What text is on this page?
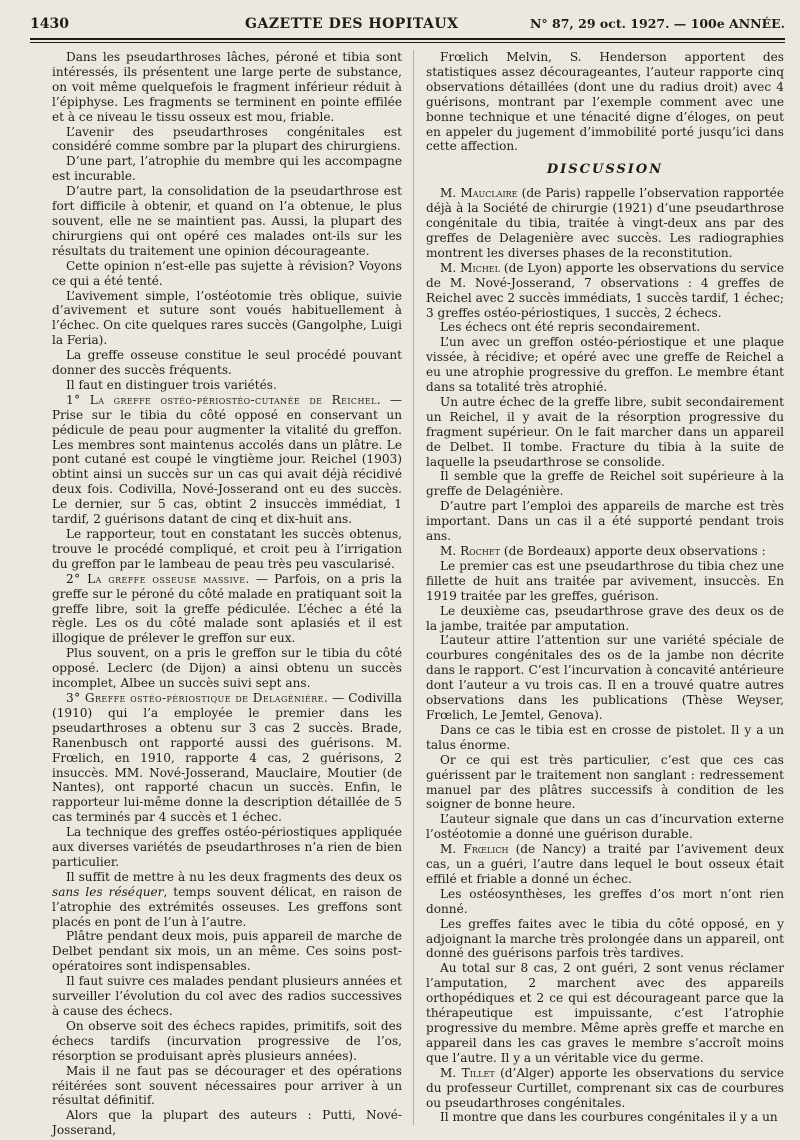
1430	GAZETTE DES HOPITAUX	N° 87, 29 oct. 1927. — 100e ANNÉE.

Dans les pseudarthroses lâches, péroné et tibia sont intéressés, ils présentent une large perte de substance, on voit même quelquefois le fragment inférieur réduit à l’épiphyse. Les fragments se terminent en pointe effilée et à ce niveau le tissu osseux est mou, friable.

L’avenir des pseudarthroses congénitales est considéré comme sombre par la plupart des chirurgiens.

D’une part, l’atrophie du membre qui les accompagne est incurable.

D’autre part, la consolidation de la pseudarthrose est fort difficile à obtenir, et quand on l’a obtenue, le plus souvent, elle ne se maintient pas. Aussi, la plupart des chirurgiens qui ont opéré ces malades ont-ils sur les résultats du traitement une opinion décourageante.

Cette opinion n’est-elle pas sujette à révision? Voyons ce qui a été tenté.

L’avivement simple, l’ostéotomie très oblique, suivie d’avivement et suture sont voués habituellement à l’échec. On cite quelques rares succès (Gangolphe, Luigi la Feria).

La greffe osseuse constitue le seul procédé pouvant donner des succès fréquents.

Il faut en distinguer trois variétés.

1° La greffe ostéo-périostéo-cutanée de Reichel. — Prise sur le tibia du côté opposé en conservant un pédicule de peau pour augmenter la vitalité du greffon. Les membres sont maintenus accolés dans un plâtre. Le pont cutané est coupé le vingtième jour. Reichel (1903) obtint ainsi un succès sur un cas qui avait déjà récidivé deux fois. Codivilla, Nové-Josserand ont eu des succès. Le dernier, sur 5 cas, obtint 2 insuccès immédiat, 1 tardif, 2 guérisons datant de cinq et dix-huit ans.

Le rapporteur, tout en constatant les succès obtenus, trouve le procédé compliqué, et croit peu à l’irrigation du greffon par le lambeau de peau très peu vascularisé.

2° La greffe osseuse massive. — Parfois, on a pris la greffe sur le péroné du côté malade en pratiquant soit la greffe libre, soit la greffe pédiculée. L’échec a été la règle. Les os du côté malade sont aplasiés et il est illogique de prélever le greffon sur eux.

Plus souvent, on a pris le greffon sur le tibia du côté opposé. Leclerc (de Dijon) a ainsi obtenu un succès incomplet, Albee un succès suivi sept ans.

3° Greffe ostéo-périostique de Delagénière. — Codivilla (1910) qui l’a employée le premier dans les pseudarthroses a obtenu sur 3 cas 2 succès. Brade, Ranenbusch ont rapporté aussi des guérisons. M. Frœlich, en 1910, rapporte 4 cas, 2 guérisons, 2 insuccès. MM. Nové-Josserand, Mauclaire, Moutier (de Nantes), ont rapporté chacun un succès. Enfin, le rapporteur lui-même donne la description détaillée de 5 cas terminés par 4 succès et 1 échec.

La technique des greffes ostéo-périostiques appliquée aux diverses variétés de pseudarthroses n’a rien de bien particulier.

Il suffit de mettre à nu les deux fragments des deux os sans les réséquer, temps souvent délicat, en raison de l’atrophie des extrémités osseuses. Les greffons sont placés en pont de l’un à l’autre.

Plâtre pendant deux mois, puis appareil de marche de Delbet pendant six mois, un an même. Ces soins post-opératoires sont indispensables.

Il faut suivre ces malades pendant plusieurs années et surveiller l’évolution du col avec des radios successives à cause des échecs.

On observe soit des échecs rapides, primitifs, soit des échecs tardifs (incurvation progressive de l’os, résorption se produisant après plusieurs années).

Mais il ne faut pas se décourager et des opérations réitérées sont souvent nécessaires pour arriver à un résultat définitif.

Alors que la plupart des auteurs : Putti, Nové-Josserand,

Frœlich Melvin, S. Henderson apportent des statistiques assez décourageantes, l’auteur rapporte cinq observations détaillées (dont une du radius droit) avec 4 guérisons, montrant par l’exemple comment avec une bonne technique et une ténacité digne d’éloges, on peut en appeler du jugement d’immobilité porté jusqu’ici dans cette affection.

DISCUSSION

M. Mauclaire (de Paris) rappelle l’observation rapportée déjà à la Société de chirurgie (1921) d’une pseudarthrose congénitale du tibia, traitée à vingt-deux ans par des greffes de Delagenière avec succès. Les radiographies montrent les diverses phases de la reconstitution.

M. Michel (de Lyon) apporte les observations du service de M. Nové-Josserand, 7 observations : 4 greffes de Reichel avec 2 succès immédiats, 1 succès tardif, 1 échec; 3 greffes ostéo-périostiques, 1 succès, 2 échecs.

Les échecs ont été repris secondairement.

L’un avec un greffon ostéo-périostique et une plaque vissée, à récidive; et opéré avec une greffe de Reichel a eu une atrophie progressive du greffon. Le membre étant dans sa totalité très atrophié.

Un autre échec de la greffe libre, subit secondairement un Reichel, il y avait de la résorption progressive du fragment supérieur. On le fait marcher dans un appareil de Delbet. Il tombe. Fracture du tibia à la suite de laquelle la pseudarthrose se consolide.

Il semble que la greffe de Reichel soit supérieure à la greffe de Delagénière.

D’autre part l’emploi des appareils de marche est très important. Dans un cas il a été supporté pendant trois ans.

M. Rochet (de Bordeaux) apporte deux observations :

Le premier cas est une pseudarthrose du tibia chez une fillette de huit ans traitée par avivement, insuccès. En 1919 traitée par les greffes, guérison.

Le deuxième cas, pseudarthrose grave des deux os de la jambe, traitée par amputation.

L’auteur attire l’attention sur une variété spéciale de courbures congénitales des os de la jambe non décrite dans le rapport. C’est l’incurvation à concavité antérieure dont l’auteur a vu trois cas. Il en a trouvé quatre autres observations dans les publications (Thèse Weyser, Frœlich, Le Jemtel, Genova).

Dans ce cas le tibia est en crosse de pistolet. Il y a un talus énorme.

Or ce qui est très particulier, c’est que ces cas guérissent par le traitement non sanglant : redressement manuel par des plâtres successifs à condition de les soigner de bonne heure.

L’auteur signale que dans un cas d’incurvation externe l’ostéotomie a donné une guérison durable.

M. Frœlich (de Nancy) a traité par l’avivement deux cas, un a guéri, l’autre dans lequel le bout osseux était effilé et friable a donné un échec.

Les ostéosynthèses, les greffes d’os mort n’ont rien donné.

Les greffes faites avec le tibia du côté opposé, en y adjoignant la marche très prolongée dans un appareil, ont donné des guérisons parfois très tardives.

Au total sur 8 cas, 2 ont guéri, 2 sont venus réclamer l’amputation, 2 marchent avec des appareils orthopédiques et 2 ce qui est décourageant parce que la thérapeutique est impuissante, c’est l’atrophie progressive du membre. Même après greffe et marche en appareil dans les cas graves le membre s’accroît moins que l’autre. Il y a un véritable vice du germe.

M. Tillet (d’Alger) apporte les observations du service du professeur Curtillet, comprenant six cas de courbures ou pseudarthroses congénitales.

Il montre que dans les courbures congénitales il y a un
